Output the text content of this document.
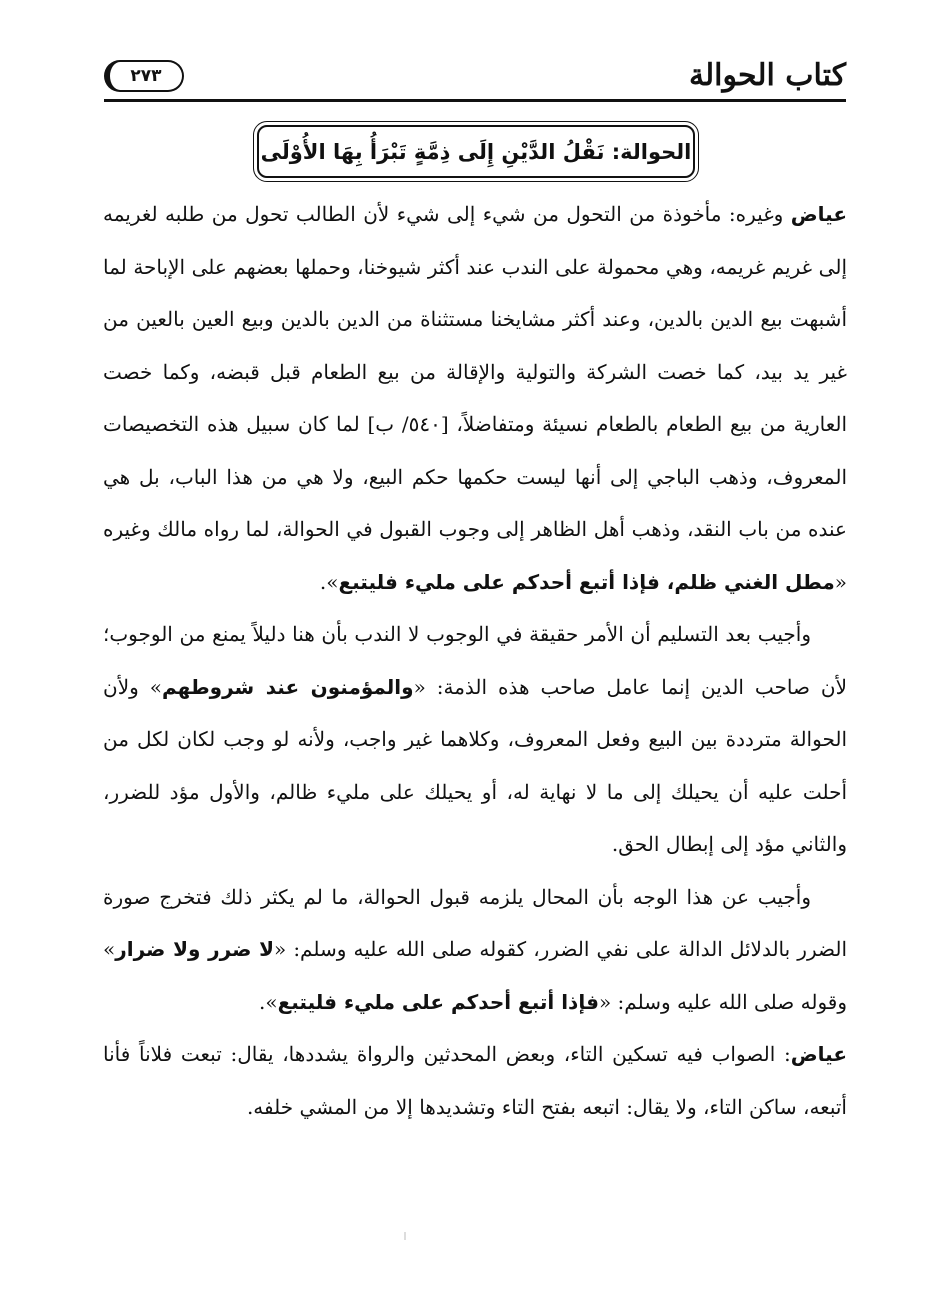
كتاب الحوالة
٢٧٣
الحوالة:

نَقْلُ الدَّيْنِ إِلَى ذِمَّةٍ تَبْرَأُ بِهَا الأُوْلَى

عياض وغيره: مأخوذة من التحول من شيء إلى شيء لأن الطالب تحول من طلبه لغريمه إلى غريم غريمه، وهي محمولة على الندب عند أكثر شيوخنا، وحملها بعضهم على الإباحة لما أشبهت بيع الدين بالدين، وعند أكثر مشايخنا مستثناة من الدين بالدين وبيع العين بالعين من غير يد بيد، كما خصت الشركة والتولية والإقالة من بيع الطعام قبل قبضه، وكما خصت العارية من بيع الطعام بالطعام نسيئة ومتفاضلاً، [٥٤٠/ ب] لما كان سبيل هذه التخصيصات المعروف، وذهب الباجي إلى أنها ليست حكمها حكم البيع، ولا هي من هذا الباب، بل هي عنده من باب النقد، وذهب أهل الظاهر إلى وجوب القبول في الحوالة، لما رواه مالك وغيره «مطل الغني ظلم، فإذا أتبع أحدكم على مليء فليتبع».

وأجيب بعد التسليم أن الأمر حقيقة في الوجوب لا الندب بأن هنا دليلاً يمنع من الوجوب؛ لأن صاحب الدين إنما عامل صاحب هذه الذمة: «والمؤمنون عند شروطهم» ولأن الحوالة مترددة بين البيع وفعل المعروف، وكلاهما غير واجب، ولأنه لو وجب لكان لكل من أحلت عليه أن يحيلك إلى ما لا نهاية له، أو يحيلك على مليء ظالم، والأول مؤد للضرر، والثاني مؤد إلى إبطال الحق.

وأجيب عن هذا الوجه بأن المحال يلزمه قبول الحوالة، ما لم يكثر ذلك فتخرج صورة الضرر بالدلائل الدالة على نفي الضرر، كقوله صلى الله عليه وسلم: «لا ضرر ولا ضرار» وقوله صلى الله عليه وسلم: «فإذا أتبع أحدكم على مليء فليتبع».

عياض: الصواب فيه تسكين التاء، وبعض المحدثين والرواة يشددها، يقال: تبعت فلاناً فأنا أتبعه، ساكن التاء، ولا يقال: اتبعه بفتح التاء وتشديدها إلا من المشي خلفه.
